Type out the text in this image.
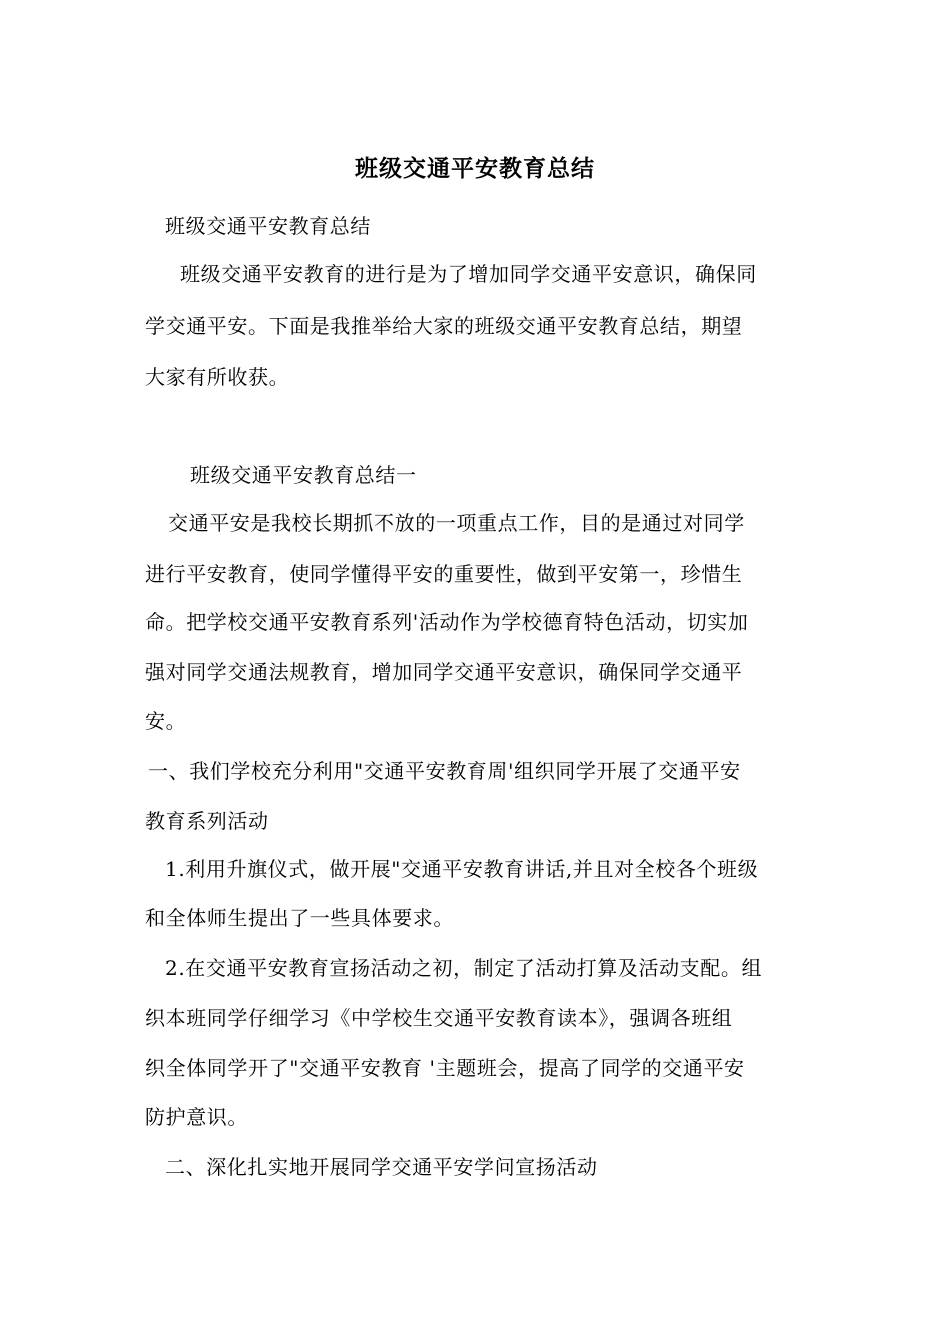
班级交通平安教育总结
班级交通平安教育总结
班级交通平安教育的进行是为了增加同学交通平安意识，确保同
学交通平安。下面是我推举给大家的班级交通平安教育总结，期望
大家有所收获。
班级交通平安教育总结一
交通平安是我校长期抓不放的一项重点工作，目的是通过对同学
进行平安教育，使同学懂得平安的重要性，做到平安第一，珍惜生
命。把学校交通平安教育系列'活动作为学校德育特色活动，切实加
强对同学交通法规教育，增加同学交通平安意识，确保同学交通平
安。
一、我们学校充分利用"交通平安教育周'组织同学开展了交通平安
教育系列活动
1.利用升旗仪式，做开展"交通平安教育讲话,并且对全校各个班级
和全体师生提出了一些具体要求。
2.在交通平安教育宣扬活动之初，制定了活动打算及活动支配。组
织本班同学仔细学习《中学校生交通平安教育读本》，强调各班组
织全体同学开了"交通平安教育 '主题班会，提高了同学的交通平安
防护意识。
二、深化扎实地开展同学交通平安学问宣扬活动
